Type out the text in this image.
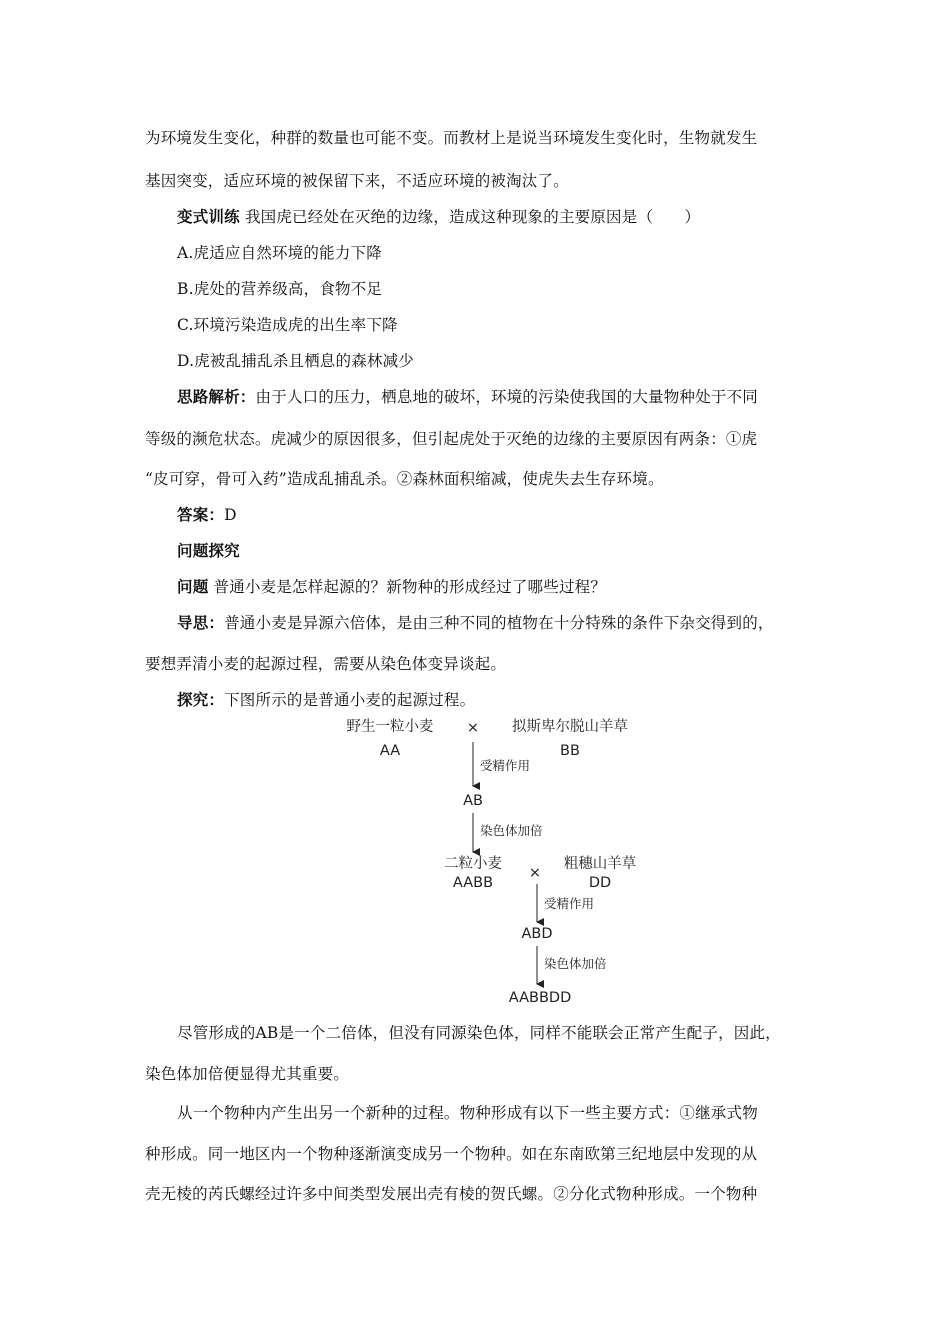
为环境发生变化，种群的数量也可能不变。而教材上是说当环境发生变化时，生物就发生
基因突变，适应环境的被保留下来，不适应环境的被淘汰了。
变式训练 我国虎已经处在灭绝的边缘，造成这种现象的主要原因是（　　）
A.虎适应自然环境的能力下降
B.虎处的营养级高，食物不足
C.环境污染造成虎的出生率下降
D.虎被乱捕乱杀且栖息的森林减少
思路解析：由于人口的压力，栖息地的破坏，环境的污染使我国的大量物种处于不同
等级的濒危状态。虎减少的原因很多，但引起虎处于灭绝的边缘的主要原因有两条：①虎
“皮可穿，骨可入药”造成乱捕乱杀。②森林面积缩减，使虎失去生存环境。
答案：D
问题探究
问题 普通小麦是怎样起源的？新物种的形成经过了哪些过程？
导思：普通小麦是异源六倍体，是由三种不同的植物在十分特殊的条件下杂交得到的，
要想弄清小麦的起源过程，需要从染色体变异谈起。
探究：下图所示的是普通小麦的起源过程。
野生一粒小麦
AA
× 拟斯卑尔脱山羊草
BB
受精作用
AB
染色体加倍
二粒小麦
AABB
×
粗穗山羊草
DD
受精作用
ABD
染色体加倍
AABBDD
尽管形成的AB是一个二倍体，但没有同源染色体，同样不能联会正常产生配子，因此，
染色体加倍便显得尤其重要。
从一个物种内产生出另一个新种的过程。物种形成有以下一些主要方式：①继承式物
种形成。同一地区内一个物种逐渐演变成另一个物种。如在东南欧第三纪地层中发现的从
壳无棱的芮氏螺经过许多中间类型发展出壳有棱的贺氏螺。②分化式物种形成。一个物种
